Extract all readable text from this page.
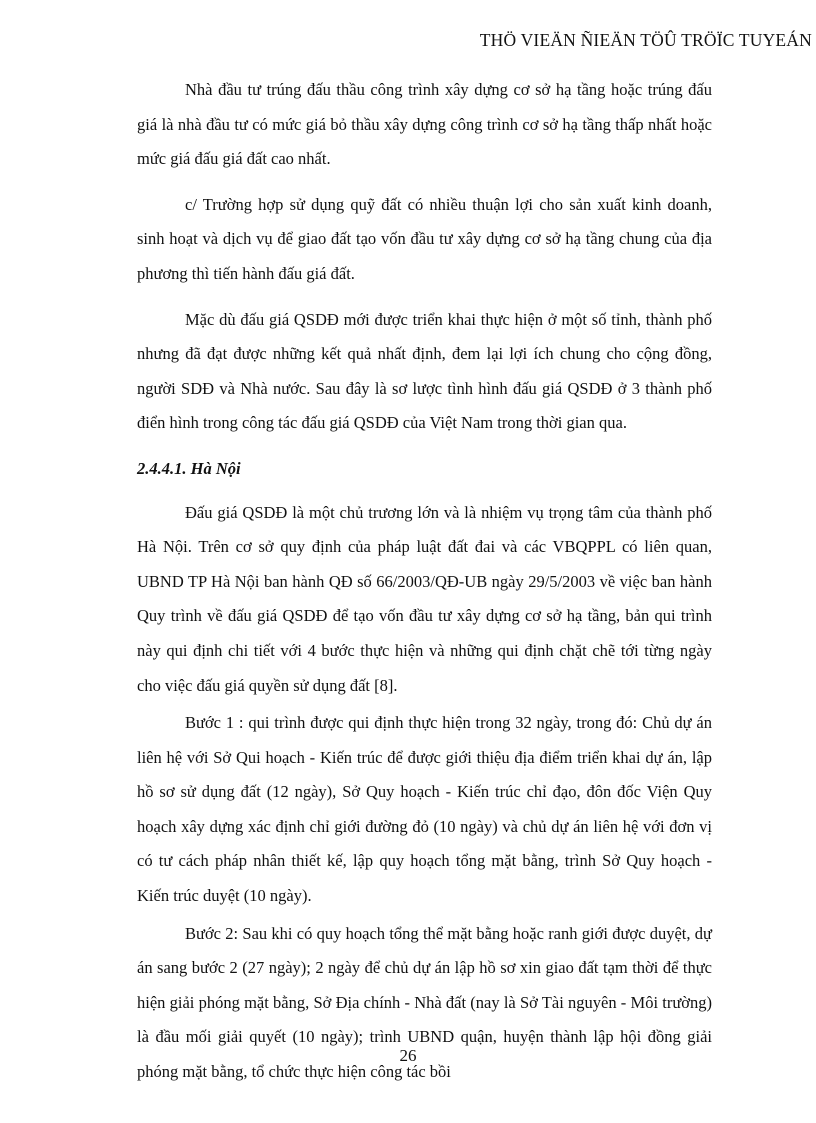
THÖ VIEÄN ÑIEÄN TÖÛ TRÖÏC TUYEÁN

Nhà đầu tư trúng đấu thầu công trình xây dựng cơ sở hạ tầng hoặc trúng đấu giá là nhà đầu tư có mức giá bỏ thầu xây dựng công trình cơ sở hạ tầng thấp nhất hoặc mức giá đấu giá đất cao nhất.

c/ Trường hợp sử dụng quỹ đất có nhiều thuận lợi cho sản xuất kinh doanh, sinh hoạt và dịch vụ để giao đất tạo vốn đầu tư xây dựng cơ sở hạ tầng chung của địa phương thì tiến hành đấu giá đất.

Mặc dù đấu giá QSDĐ mới được triển khai thực hiện ở một số tỉnh, thành phố nhưng đã đạt được những kết quả nhất định, đem lại lợi ích chung cho cộng đồng, người SDĐ và Nhà nước. Sau đây là sơ lược tình hình đấu giá QSDĐ ở 3 thành phố điển hình trong công tác đấu giá QSDĐ của Việt Nam trong thời gian qua.

2.4.4.1. Hà Nội

Đấu giá QSDĐ là một chủ trương lớn và là nhiệm vụ trọng tâm của thành phố Hà Nội. Trên cơ sở quy định của pháp luật đất đai và các VBQPPL có liên quan, UBND TP Hà Nội ban hành QĐ số 66/2003/QĐ-UB ngày 29/5/2003 về việc ban hành Quy trình về đấu giá QSDĐ để tạo vốn đầu tư xây dựng cơ sở hạ tầng, bản qui trình này qui định chi tiết với 4 bước thực hiện và những qui định chặt chẽ tới từng ngày cho việc đấu giá quyền sử dụng đất [8].

Bước 1 : qui trình được qui định thực hiện trong 32 ngày, trong đó: Chủ dự án liên hệ với Sở Qui hoạch - Kiến trúc để được giới thiệu địa điểm triển khai dự án, lập hồ sơ sử dụng đất (12 ngày), Sở Quy hoạch - Kiến trúc chỉ đạo, đôn đốc Viện Quy hoạch xây dựng xác định chỉ giới đường đỏ (10 ngày) và chủ dự án liên hệ với đơn vị có tư cách pháp nhân thiết kế, lập quy hoạch tổng mặt bằng, trình Sở Quy hoạch - Kiến trúc duyệt (10 ngày).

Bước 2: Sau khi có quy hoạch tổng thể mặt bằng hoặc ranh giới được duyệt, dự án sang bước 2 (27 ngày); 2 ngày để chủ dự án lập hồ sơ xin giao đất tạm thời để thực hiện giải phóng mặt bằng, Sở Địa chính - Nhà đất (nay là Sở Tài nguyên - Môi trường) là đầu mối giải quyết (10 ngày); trình UBND quận, huyện thành lập hội đồng giải phóng mặt bằng, tổ chức thực hiện công tác bồi

26
